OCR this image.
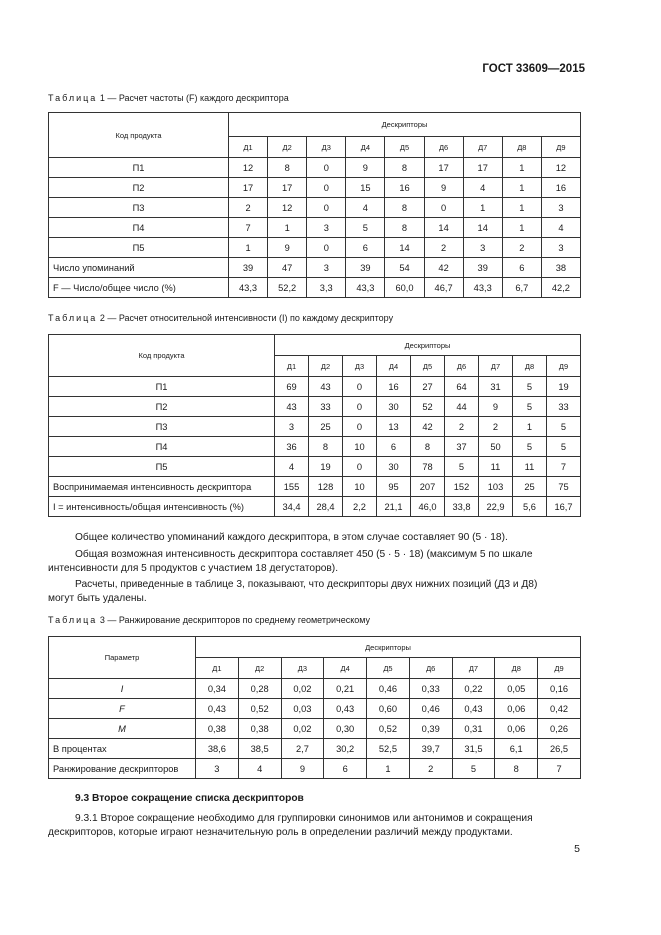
ГОСТ 33609—2015
Таблица 1 — Расчет частоты (F) каждого дескриптора
Код продукта	Дескрипторы								
	Д1	Д2	Д3	Д4	Д5	Д6	Д7	Д8	Д9
П1	12	8	0	9	8	17	17	1	12
П2	17	17	0	15	16	9	4	1	16
П3	2	12	0	4	8	0	1	1	3
П4	7	1	3	5	8	14	14	1	4
П5	1	9	0	6	14	2	3	2	3
Число упоминаний	39	47	3	39	54	42	39	6	38
F — Число/общее число (%)	43,3	52,2	3,3	43,3	60,0	46,7	43,3	6,7	42,2
Таблица 2 — Расчет относительной интенсивности (I) по каждому дескриптору
Код продукта	Дескрипторы								
	Д1	Д2	Д3	Д4	Д5	Д6	Д7	Д8	Д9
П1	69	43	0	16	27	64	31	5	19
П2	43	33	0	30	52	44	9	5	33
П3	3	25	0	13	42	2	2	1	5
П4	36	8	10	6	8	37	50	5	5
П5	4	19	0	30	78	5	11	11	7
Воспринимаемая интенсивность дескриптора	155	128	10	95	207	152	103	25	75
I = интенсивность/общая интенсивность (%)	34,4	28,4	2,2	21,1	46,0	33,8	22,9	5,6	16,7
Общее количество упоминаний каждого дескриптора, в этом случае составляет 90 (5 · 18).
Общая возможная интенсивность дескриптора составляет 450 (5 · 5 · 18) (максимум 5 по шкале
интенсивности для 5 продуктов с участием 18 дегустаторов).
Расчеты, приведенные в таблице 3, показывают, что дескрипторы двух нижних позиций (Д3 и Д8)
могут быть удалены.
Таблица 3 — Ранжирование дескрипторов по среднему геометрическому
Параметр	Дескрипторы								
	Д1	Д2	Д3	Д4	Д5	Д6	Д7	Д8	Д9
I	0,34	0,28	0,02	0,21	0,46	0,33	0,22	0,05	0,16
F	0,43	0,52	0,03	0,43	0,60	0,46	0,43	0,06	0,42
M	0,38	0,38	0,02	0,30	0,52	0,39	0,31	0,06	0,26
В процентах	38,6	38,5	2,7	30,2	52,5	39,7	31,5	6,1	26,5
Ранжирование дескрипторов	3	4	9	6	1	2	5	8	7
9.3 Второе сокращение списка дескрипторов
9.3.1 Второе сокращение необходимо для группировки синонимов или антонимов и сокращения
дескрипторов, которые играют незначительную роль в определении различий между продуктами.
5
